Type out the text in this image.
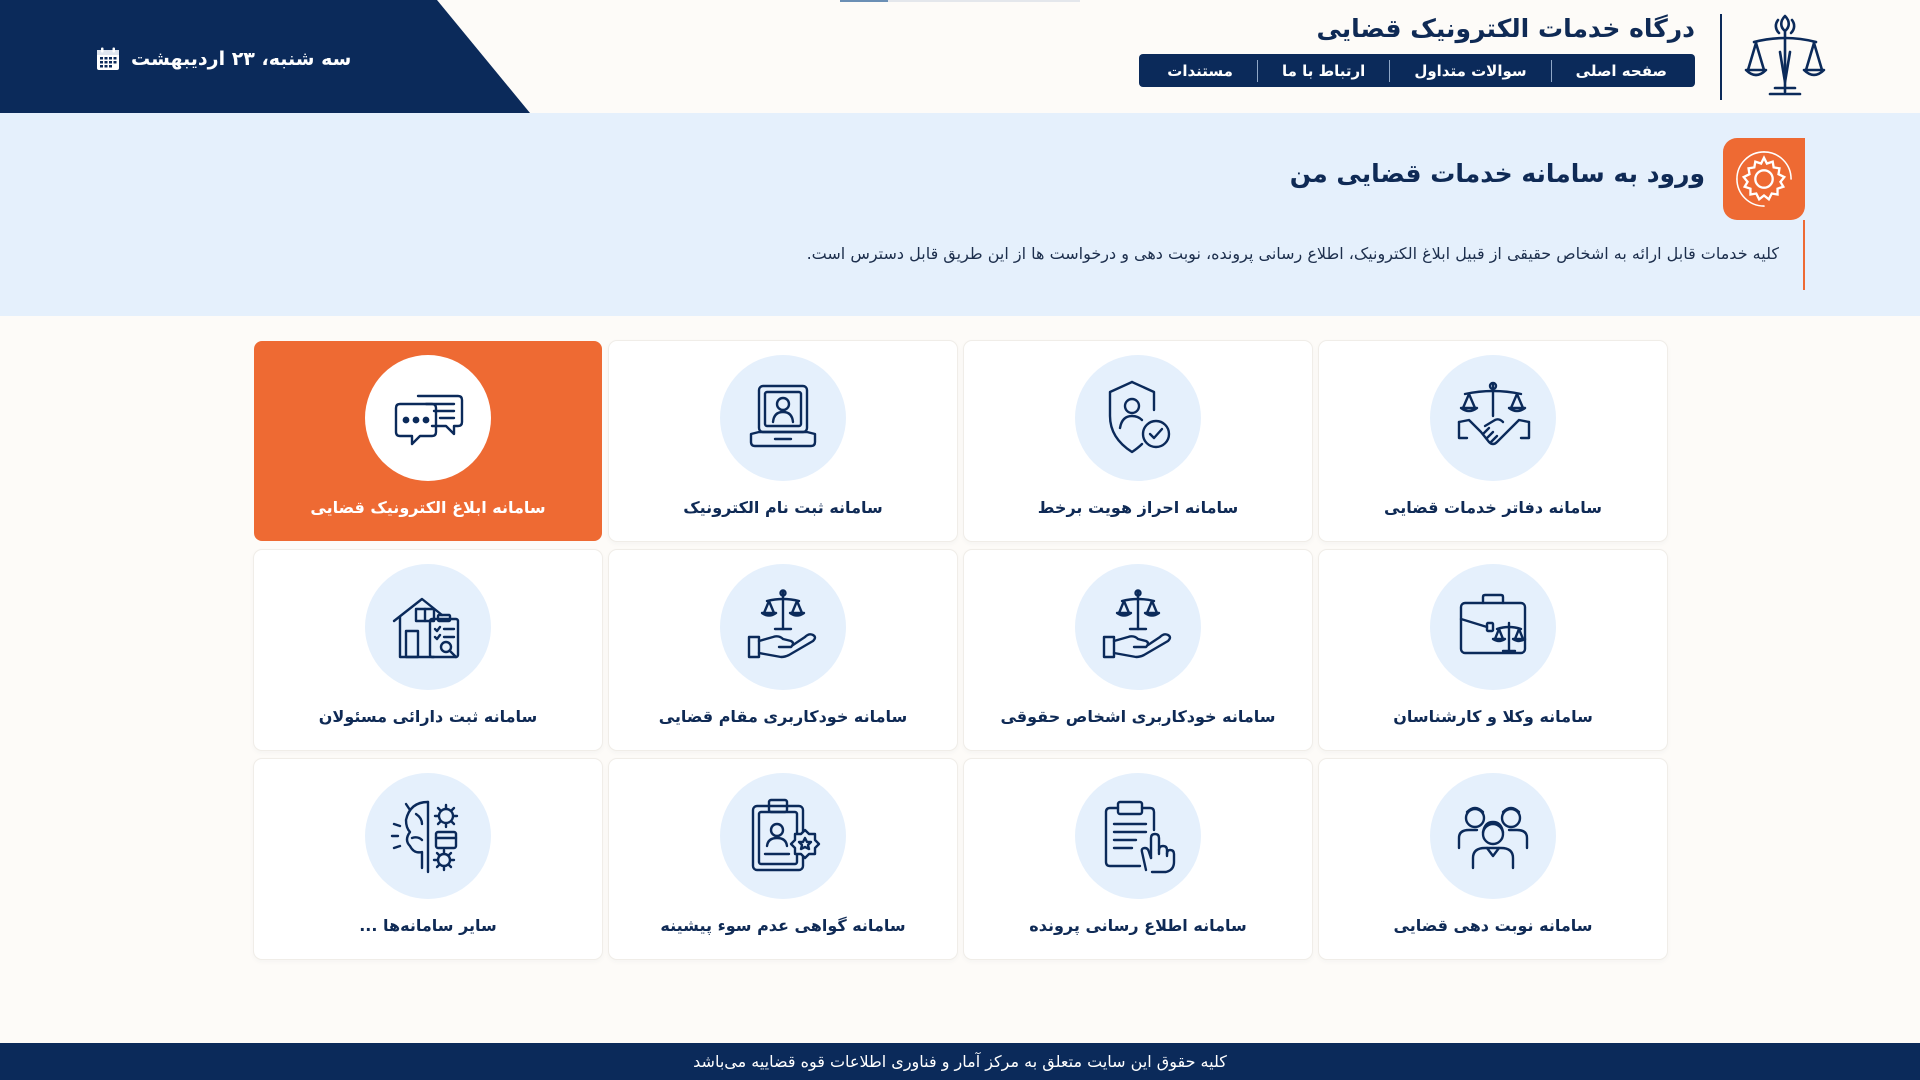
سه شنبه، ۲۳ اردیبهشت
درگاه خدمات الکترونیک قضایی
صفحه اصلی
سوالات متداول
ارتباط با ما
مستندات
ورود به سامانه خدمات قضایی من

کلیه خدمات قابل ارائه به اشخاص حقیقی از قبیل ابلاغ الکترونیک، اطلاع رسانی پرونده، نوبت دهی و درخواست ها از این طریق قابل دسترس است.

سامانه دفاتر خدمات قضایی
سامانه احراز هویت برخط
سامانه ثبت نام الکترونیک
سامانه ابلاغ الکترونیک قضایی
سامانه وکلا و کارشناسان
سامانه خودکاربری اشخاص حقوقی
سامانه خودکاربری مقام قضایی
سامانه ثبت دارائی مسئولان
سامانه نوبت دهی قضایی
سامانه اطلاع رسانی پرونده
سامانه گواهی عدم سوء پیشینه
سایر سامانه‌ها ...
کلیه حقوق این سایت متعلق به مرکز آمار و فناوری اطلاعات قوه قضاییه می‌باشد
